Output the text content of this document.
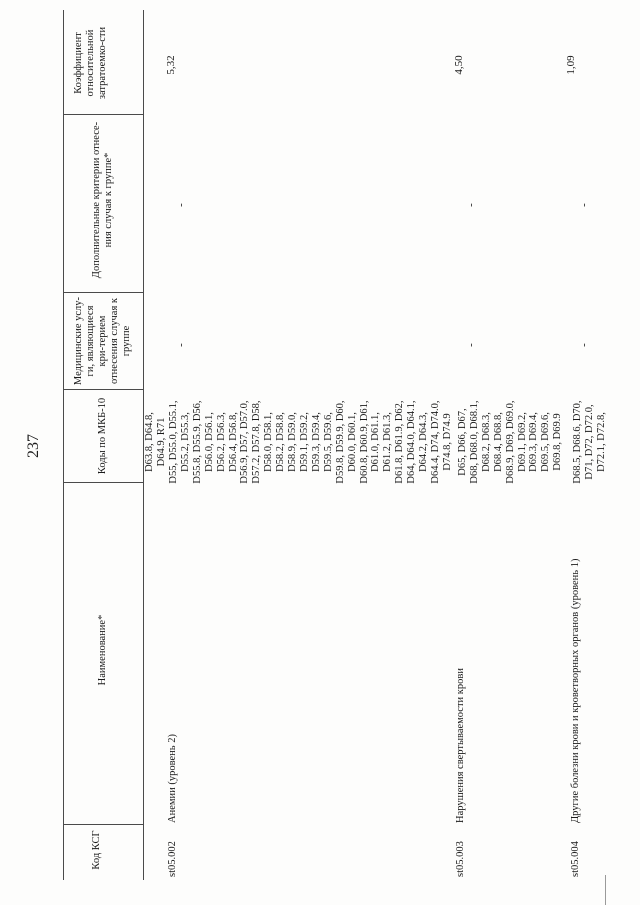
237
Код КСГ
Наименование*
Коды по МКБ-10
Медицинские услу-ги, являющиеся кри-терием отнесения случая к группе
Дополнительные критерии отнесе-ния случая к группе*
Коэффициент относительной затратоемко-сти
D63.8, D64.8, D64.9, R71
st05.002
Анемии (уровень 2)
D55, D55.0, D55.1, D55.2, D55.3, D55.8, D55.9, D56, D56.0, D56.1, D56.2, D56.3, D56.4, D56.8, D56.9, D57, D57.0, D57.2, D57.8, D58, D58.0, D58.1, D58.2, D58.8, D58.9, D59.0, D59.1, D59.2, D59.3, D59.4, D59.5, D59.6, D59.8, D59.9, D60, D60.0, D60.1, D60.8, D60.9, D61, D61.0, D61.1, D61.2, D61.3, D61.8, D61.9, D62, D64, D64.0, D64.1, D64.2, D64.3, D64.4, D74, D74.0, D74.8, D74.9
-
-
5,32
st05.003
Нарушения свертываемости крови
D65, D66, D67, D68, D68.0, D68.1, D68.2, D68.3, D68.4, D68.8, D68.9, D69, D69.0, D69.1, D69.2, D69.3, D69.4, D69.5, D69.6, D69.8, D69.9
-
-
4,50
st05.004
Другие болезни крови и кроветворных органов (уровень 1)
D68.5, D68.6, D70, D71, D72, D72.0, D72.1, D72.8,
-
-
1,09
